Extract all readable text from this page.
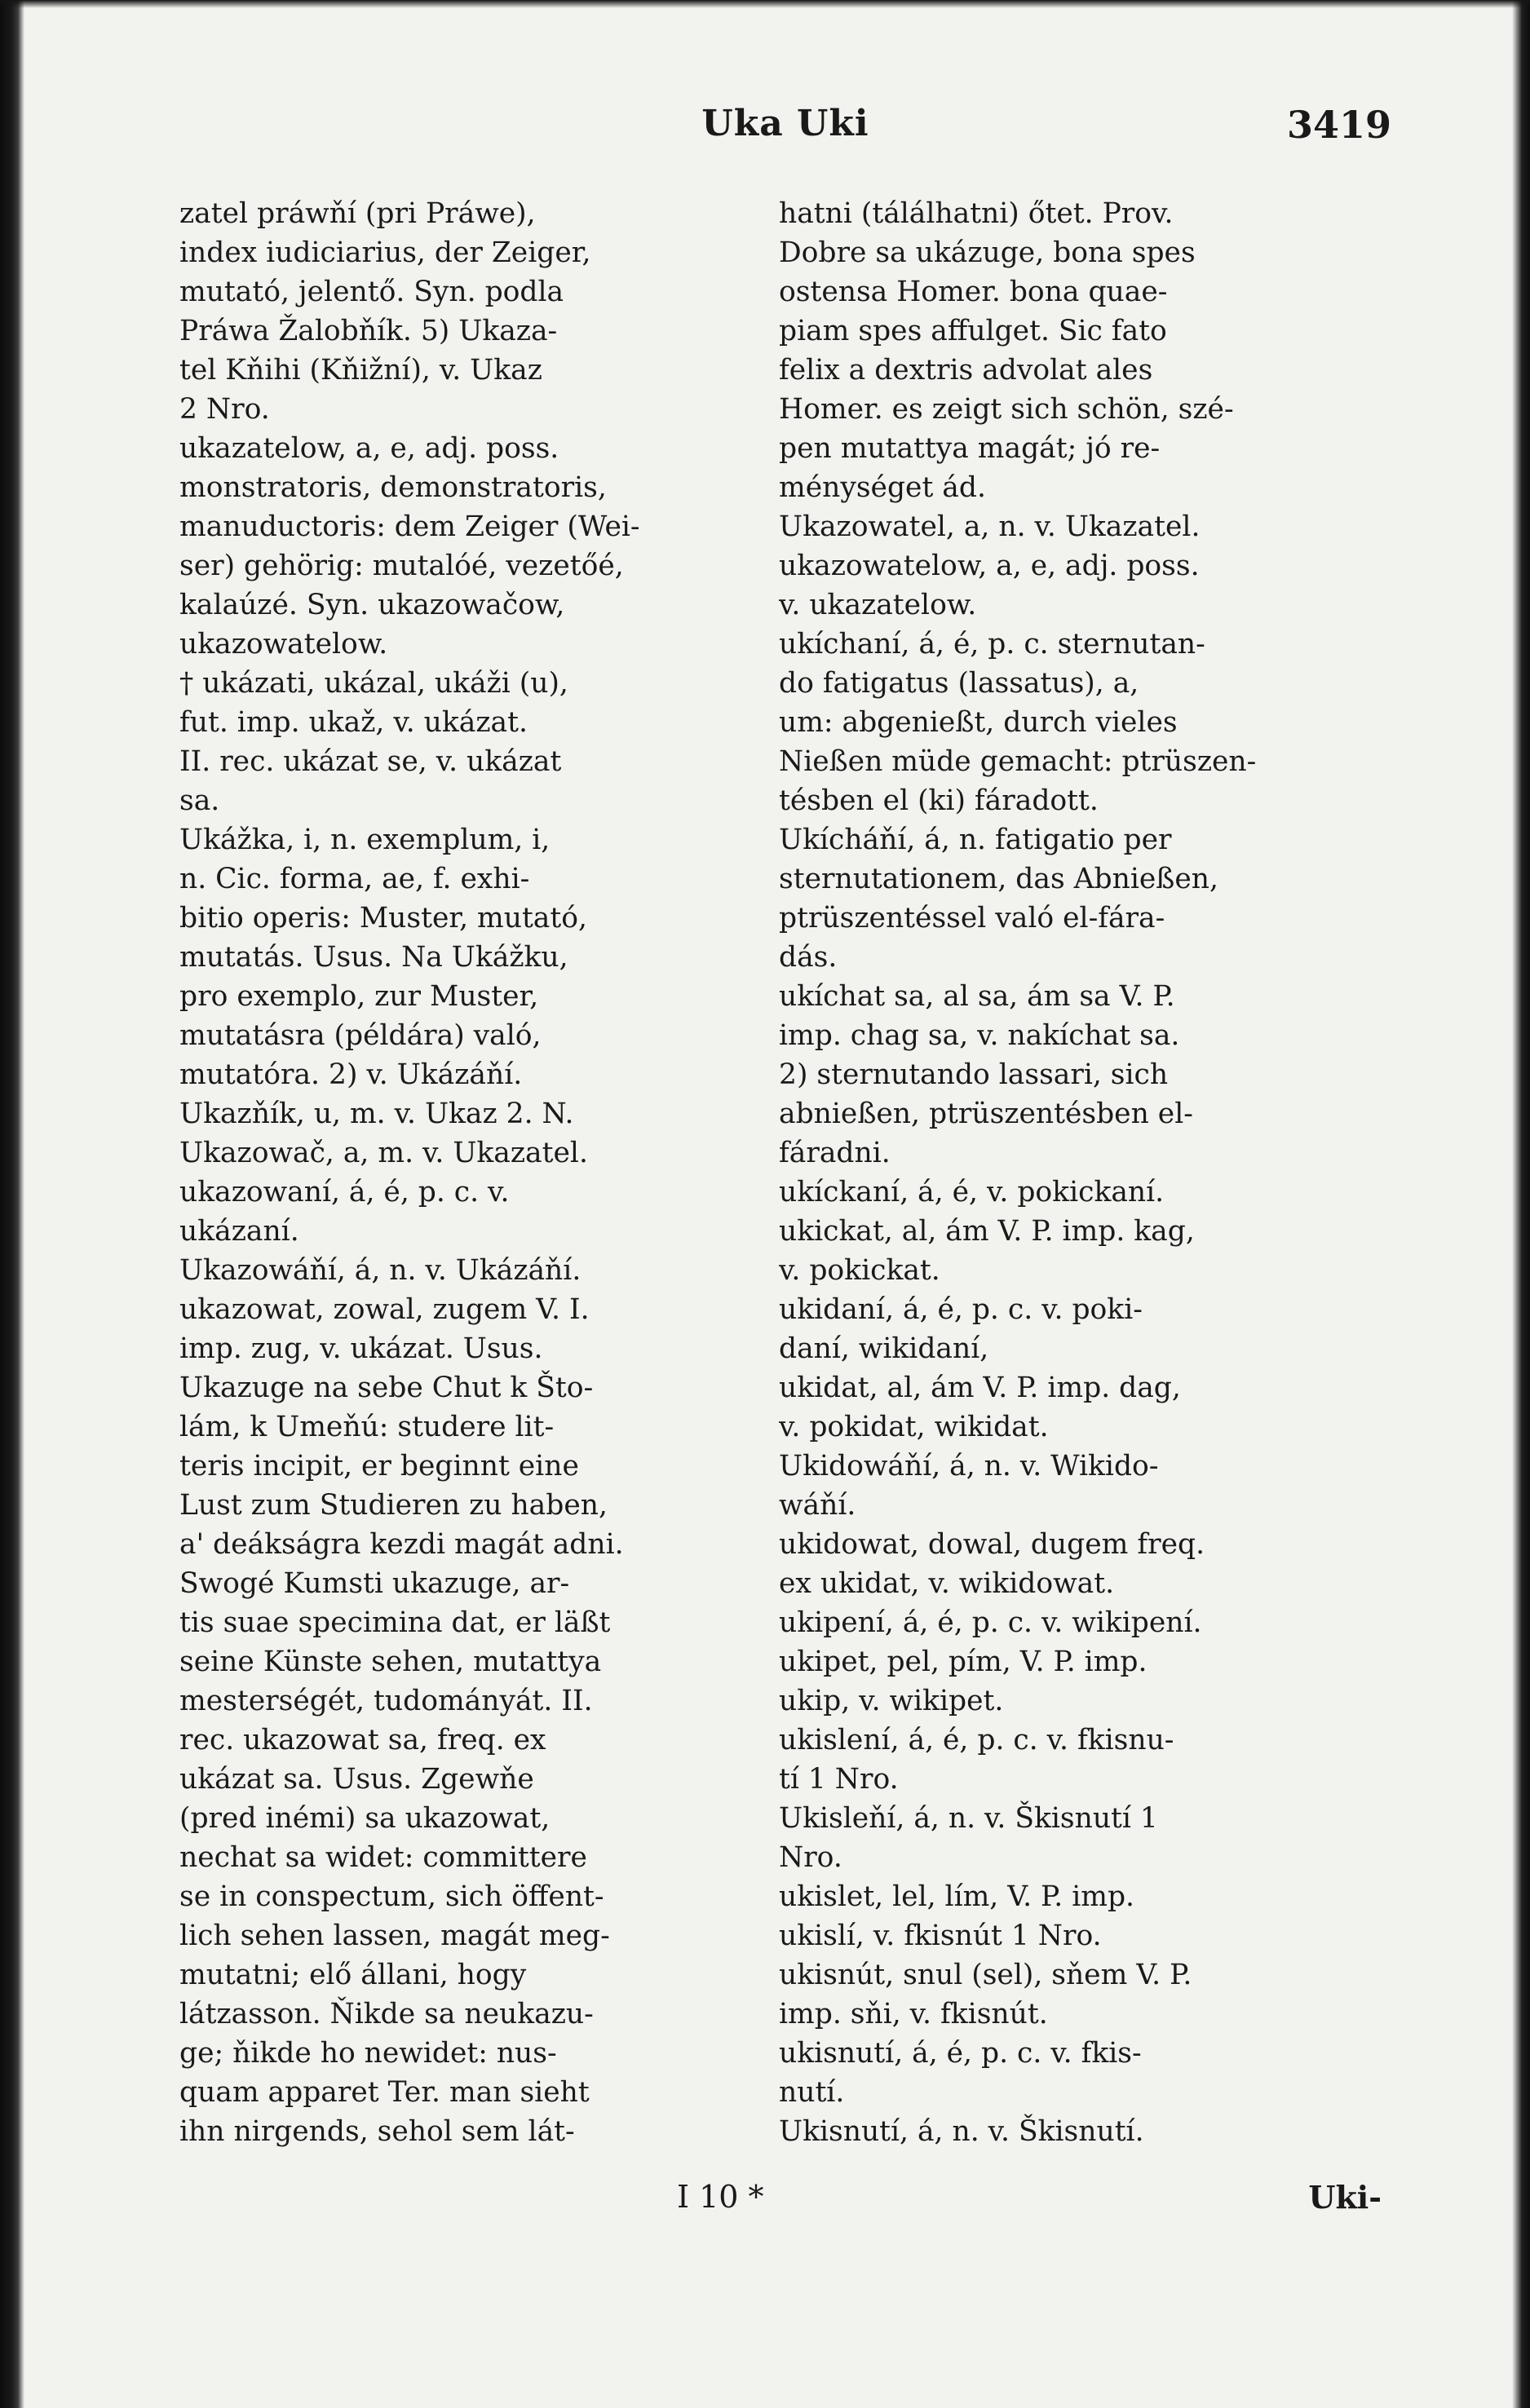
Uka Uki	3419
zatel práwňí (pri Práwe),
index iudiciarius, der Zeiger,
mutató, jelentő. Syn. podla
Práwa Žalobňík. 5) Ukaza-
tel Kňihi (Kňižní), v. Ukaz
2 Nro.
ukazatelow, a, e, adj. poss.
monstratoris, demonstratoris,
manuductoris: dem Zeiger (Wei-
ser) gehörig: mutalóé, vezetőé,
kalaúzé. Syn. ukazowačow,
ukazowatelow.
† ukázati, ukázal, ukáži (u),
fut. imp. ukaž, v. ukázat.
II. rec. ukázat se, v. ukázat
sa.
Ukážka, i, n. exemplum, i,
n. Cic. forma, ae, f. exhi-
bitio operis: Muster, mutató,
mutatás. Usus. Na Ukážku,
pro exemplo, zur Muster,
mutatásra (példára) való,
mutatóra. 2) v. Ukázáňí.
Ukazňík, u, m. v. Ukaz 2. N.
Ukazowač, a, m. v. Ukazatel.
ukazowaní, á, é, p. c. v.
ukázaní.
Ukazowáňí, á, n. v. Ukázáňí.
ukazowat, zowal, zugem V. I.
imp. zug, v. ukázat. Usus.
Ukazuge na sebe Chut k Što-
lám, k Umeňú: studere lit-
teris incipit, er beginnt eine
Lust zum Studieren zu haben,
a' deákságra kezdi magát adni.
Swogé Kumsti ukazuge, ar-
tis suae specimina dat, er läßt
seine Künste sehen, mutattya
mesterségét, tudományát. II.
rec. ukazowat sa, freq. ex
ukázat sa. Usus. Zgewňe
(pred inémi) sa ukazowat,
nechat sa widet: committere
se in conspectum, sich öffent-
lich sehen lassen, magát meg-
mutatni; elő állani, hogy
látzasson. Ňikde sa neukazu-
ge; ňikde ho newidet: nus-
quam apparet Ter. man sieht
ihn nirgends, sehol sem lát-
hatni (tálálhatni) őtet. Prov.
Dobre sa ukázuge, bona spes
ostensa Homer. bona quae-
piam spes affulget. Sic fato
felix a dextris advolat ales
Homer. es zeigt sich schön, szé-
pen mutattya magát; jó re-
ménységet ád.
Ukazowatel, a, n. v. Ukazatel.
ukazowatelow, a, e, adj. poss.
v. ukazatelow.
ukíchaní, á, é, p. c. sternutan-
do fatigatus (lassatus), a,
um: abgenießt, durch vieles
Nießen müde gemacht: ptrüszen-
tésben el (ki) fáradott.
Ukícháňí, á, n. fatigatio per
sternutationem, das Abnießen,
ptrüszentéssel való el-fára-
dás.
ukíchat sa, al sa, ám sa V. P.
imp. chag sa, v. nakíchat sa.
2) sternutando lassari, sich
abnießen, ptrüszentésben el-
fáradni.
ukíckaní, á, é, v. pokickaní.
ukickat, al, ám V. P. imp. kag,
v. pokickat.
ukidaní, á, é, p. c. v. poki-
daní, wikidaní,
ukidat, al, ám V. P. imp. dag,
v. pokidat, wikidat.
Ukidowáňí, á, n. v. Wikido-
wáňí.
ukidowat, dowal, dugem freq.
ex ukidat, v. wikidowat.
ukipení, á, é, p. c. v. wikipení.
ukipet, pel, pím, V. P. imp.
ukip, v. wikipet.
ukislení, á, é, p. c. v. fkisnu-
tí 1 Nro.
Ukisleňí, á, n. v. Škisnutí 1
Nro.
ukislet, lel, lím, V. P. imp.
ukislí, v. fkisnút 1 Nro.
ukisnút, snul (sel), sňem V. P.
imp. sňi, v. fkisnút.
ukisnutí, á, é, p. c. v. fkis-
nutí.
Ukisnutí, á, n. v. Škisnutí.
I 10 *	Uki-
